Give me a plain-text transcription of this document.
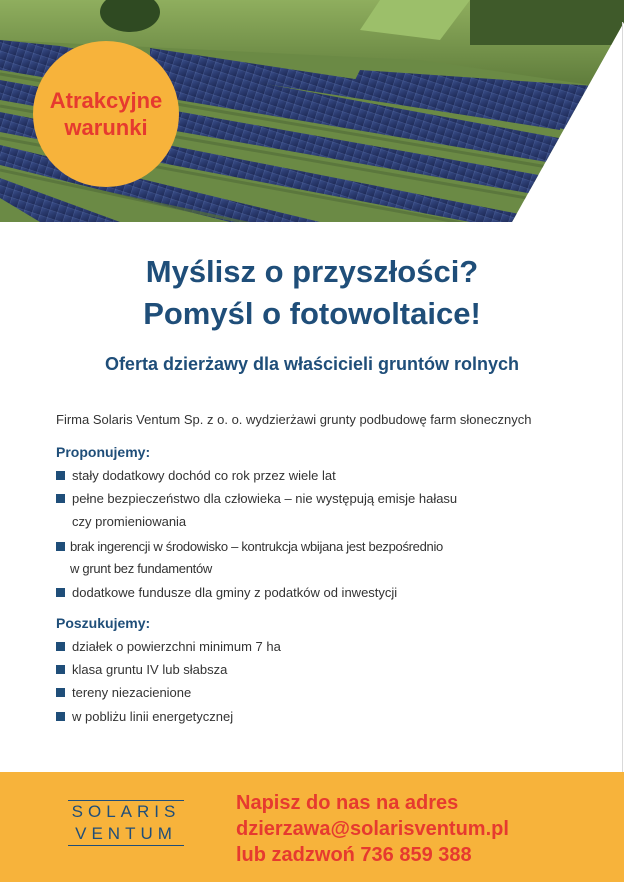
Atrakcyjne
warunki
Myślisz o przyszłości?
Pomyśl o fotowoltaice!
Oferta dzierżawy dla właścicieli gruntów rolnych
Firma Solaris Ventum Sp. z o. o. wydzierżawi grunty podbudowę farm słonecznych
Proponujemy:
stały dodatkowy dochód co rok przez wiele lat
pełne bezpieczeństwo dla człowieka – nie występują emisje hałasu
czy promieniowania
brak ingerencji w środowisko – kontrukcja wbijana jest bezpośrednio
w grunt bez fundamentów
dodatkowe fundusze dla gminy z podatków od inwestycji
Poszukujemy:
działek o powierzchni minimum 7 ha
klasa gruntu IV lub słabsza
tereny niezacienione
w pobliżu linii energetycznej
SOLARIS
VENTUM
Napisz do nas na adres
dzierzawa@solarisventum.pl
lub zadzwoń 736 859 388
